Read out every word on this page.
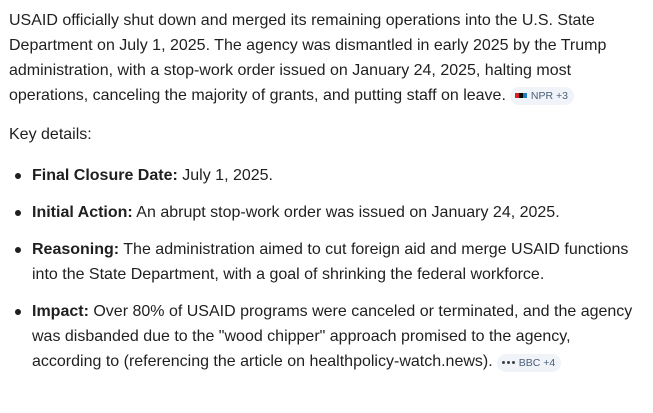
USAID officially shut down and merged its remaining operations into the U.S. State Department on July 1, 2025. The agency was dismantled in early 2025 by the Trump administration, with a stop-work order issued on January 24, 2025, halting most operations, canceling the majority of grants, and putting staff on leave. NPR +3

Key details:

Final Closure Date: July 1, 2025.
Initial Action: An abrupt stop-work order was issued on January 24, 2025.
Reasoning: The administration aimed to cut foreign aid and merge USAID functions into the State Department, with a goal of shrinking the federal workforce.
Impact: Over 80% of USAID programs were canceled or terminated, and the agency was disbanded due to the "wood chipper" approach promised to the agency, according to (referencing the article on healthpolicy-watch.news). BBC +4
